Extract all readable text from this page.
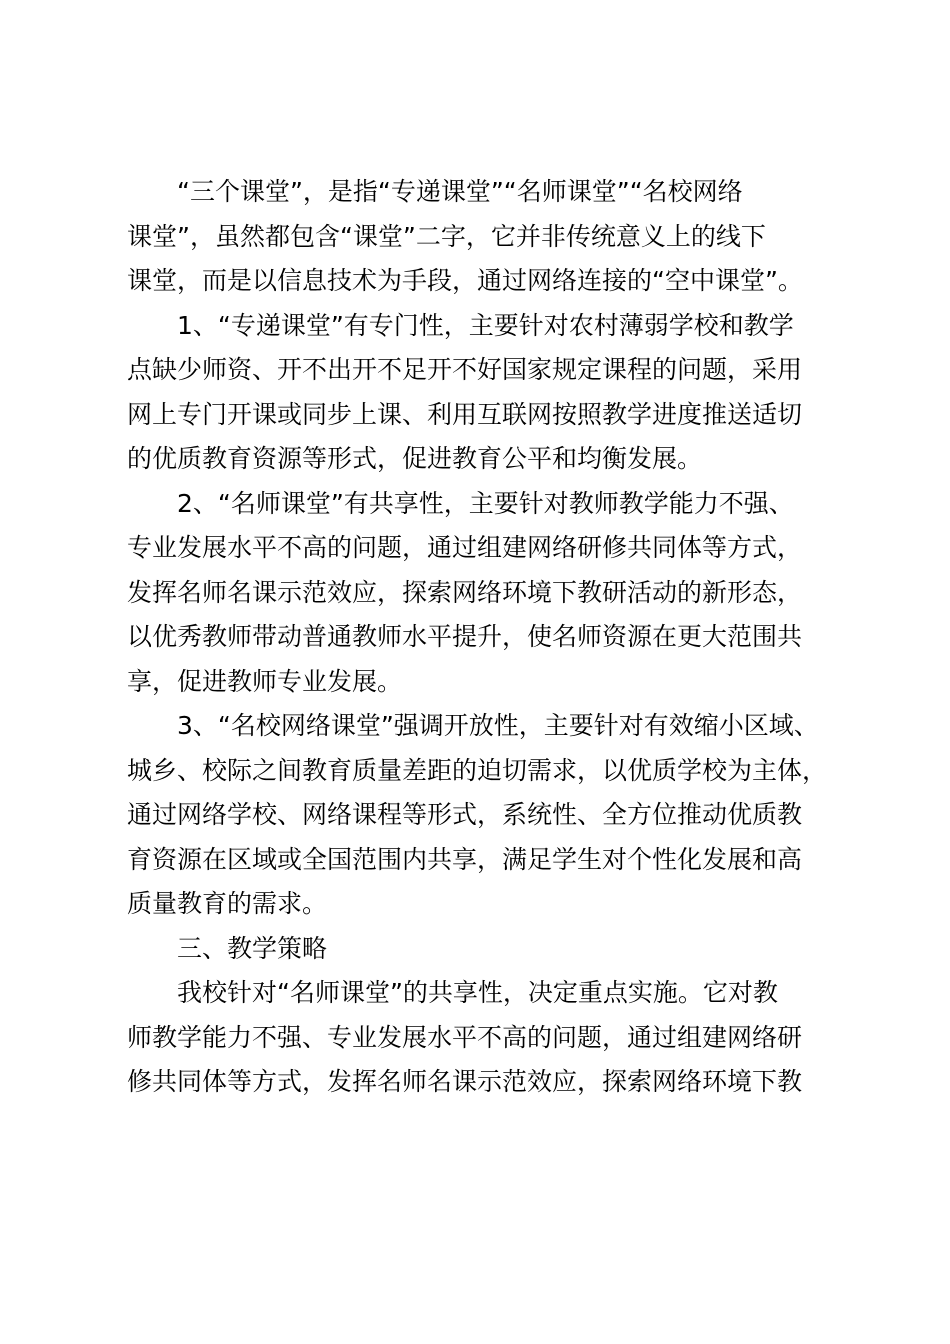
“三个课堂”，是指“专递课堂”“名师课堂”“名校网络
课堂”，虽然都包含“课堂”二字，它并非传统意义上的线下
课堂，而是以信息技术为手段，通过网络连接的“空中课堂”。

1、“专递课堂”有专门性，主要针对农村薄弱学校和教学
点缺少师资、开不出开不足开不好国家规定课程的问题，采用
网上专门开课或同步上课、利用互联网按照教学进度推送适切
的优质教育资源等形式，促进教育公平和均衡发展。

2、“名师课堂”有共享性，主要针对教师教学能力不强、
专业发展水平不高的问题，通过组建网络研修共同体等方式，
发挥名师名课示范效应，探索网络环境下教研活动的新形态，
以优秀教师带动普通教师水平提升，使名师资源在更大范围共
享，促进教师专业发展。

3、“名校网络课堂”强调开放性，主要针对有效缩小区域、
城乡、校际之间教育质量差距的迫切需求，以优质学校为主体，
通过网络学校、网络课程等形式，系统性、全方位推动优质教
育资源在区域或全国范围内共享，满足学生对个性化发展和高
质量教育的需求。

三、教学策略

我校针对“名师课堂”的共享性，决定重点实施。它对教
师教学能力不强、专业发展水平不高的问题，通过组建网络研
修共同体等方式，发挥名师名课示范效应，探索网络环境下教
